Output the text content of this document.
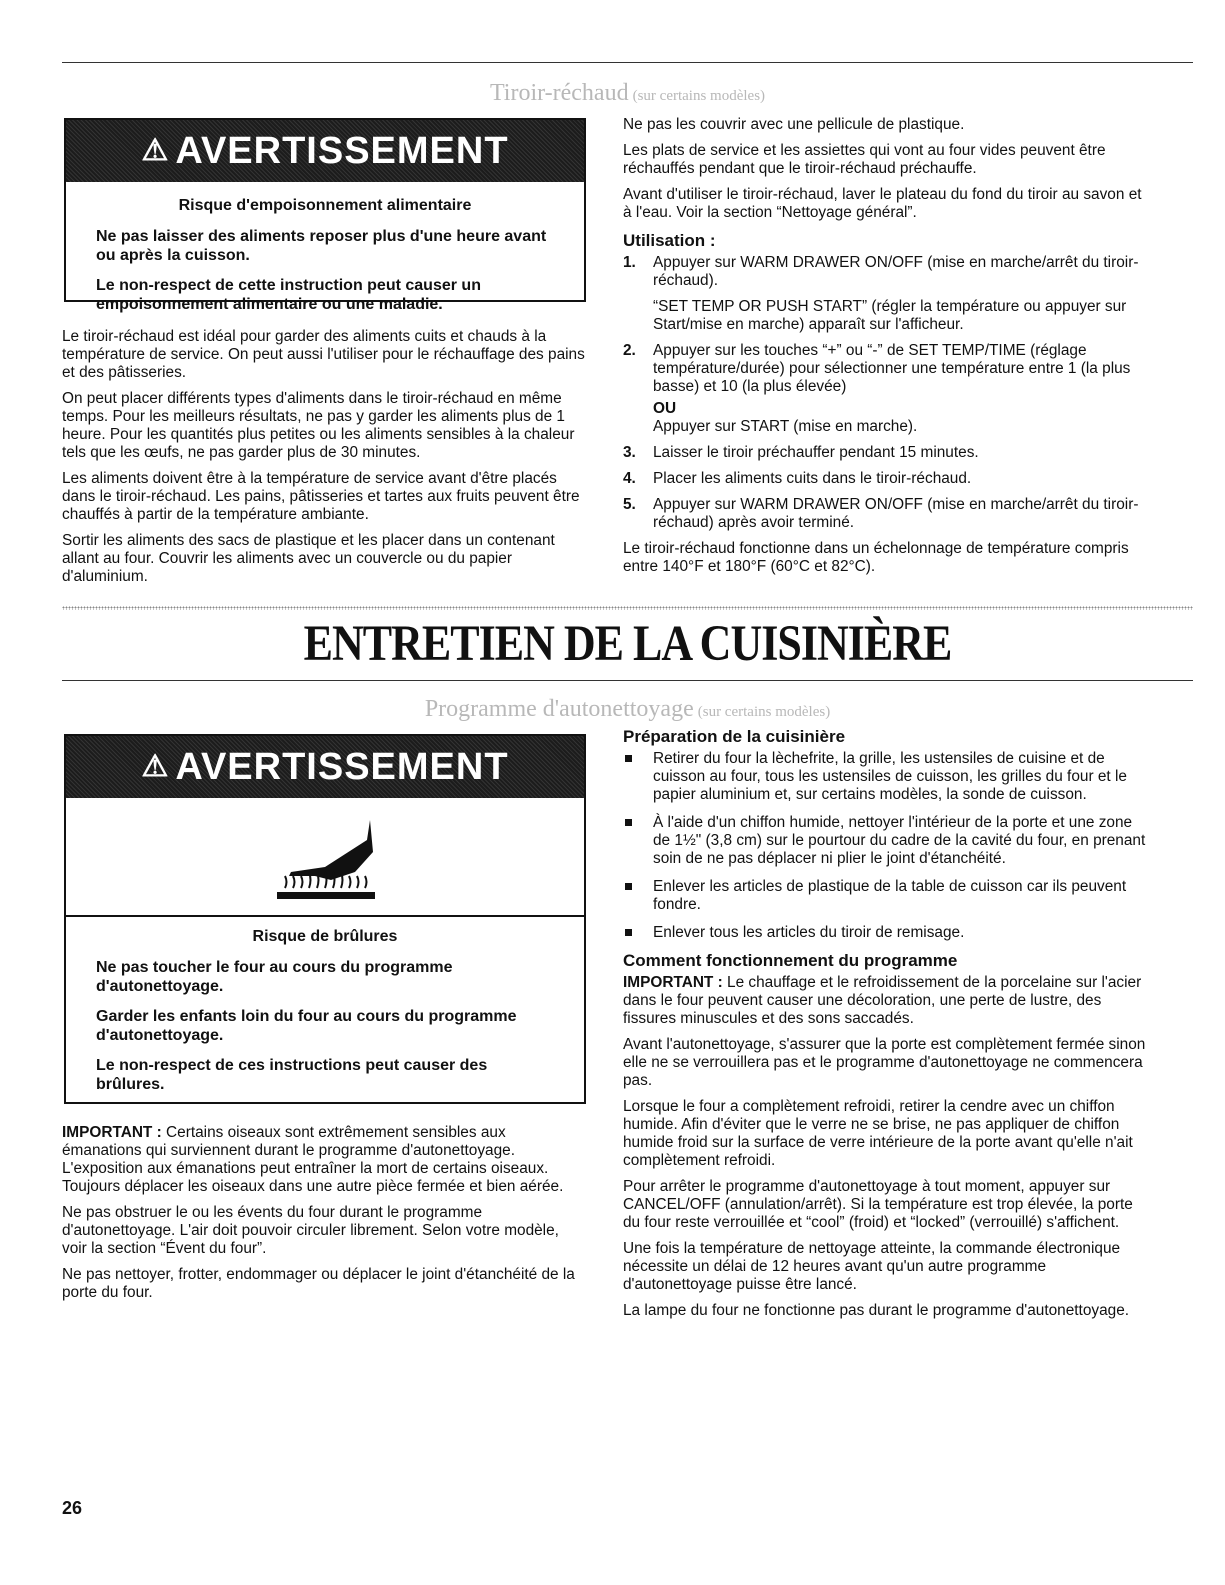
Tiroir-réchaud (sur certains modèles)
⚠ AVERTISSEMENT
Risque d'empoisonnement alimentaire

Ne pas laisser des aliments reposer plus d'une heure avant ou après la cuisson.

Le non-respect de cette instruction peut causer un empoisonnement alimentaire ou une maladie.

Le tiroir-réchaud est idéal pour garder des aliments cuits et chauds à la température de service. On peut aussi l'utiliser pour le réchauffage des pains et des pâtisseries.

On peut placer différents types d'aliments dans le tiroir-réchaud en même temps. Pour les meilleurs résultats, ne pas y garder les aliments plus de 1 heure. Pour les quantités plus petites ou les aliments sensibles à la chaleur tels que les œufs, ne pas garder plus de 30 minutes.

Les aliments doivent être à la température de service avant d'être placés dans le tiroir-réchaud. Les pains, pâtisseries et tartes aux fruits peuvent être chauffés à partir de la température ambiante.

Sortir les aliments des sacs de plastique et les placer dans un contenant allant au four. Couvrir les aliments avec un couvercle ou du papier d'aluminium.

Ne pas les couvrir avec une pellicule de plastique.

Les plats de service et les assiettes qui vont au four vides peuvent être réchauffés pendant que le tiroir-réchaud préchauffe.

Avant d'utiliser le tiroir-réchaud, laver le plateau du fond du tiroir au savon et à l'eau. Voir la section “Nettoyage général”.

Utilisation :
1. Appuyer sur WARM DRAWER ON/OFF (mise en marche/arrêt du tiroir-réchaud).
“SET TEMP OR PUSH START” (régler la température ou appuyer sur Start/mise en marche) apparaît sur l'afficheur.
2. Appuyer sur les touches “+” ou “-” de SET TEMP/TIME (réglage température/durée) pour sélectionner une température entre 1 (la plus basse) et 10 (la plus élevée)
OU
Appuyer sur START (mise en marche).
3. Laisser le tiroir préchauffer pendant 15 minutes.
4. Placer les aliments cuits dans le tiroir-réchaud.
5. Appuyer sur WARM DRAWER ON/OFF (mise en marche/arrêt du tiroir-réchaud) après avoir terminé.

Le tiroir-réchaud fonctionne dans un échelonnage de température compris entre 140°F et 180°F (60°C et 82°C).

ENTRETIEN DE LA CUISINIÈRE
Programme d'autonettoyage (sur certains modèles)
⚠ AVERTISSEMENT
Risque de brûlures

Ne pas toucher le four au cours du programme d'autonettoyage.

Garder les enfants loin du four au cours du programme d'autonettoyage.

Le non-respect de ces instructions peut causer des brûlures.

IMPORTANT : Certains oiseaux sont extrêmement sensibles aux émanations qui surviennent durant le programme d'autonettoyage. L'exposition aux émanations peut entraîner la mort de certains oiseaux. Toujours déplacer les oiseaux dans une autre pièce fermée et bien aérée.

Ne pas obstruer le ou les évents du four durant le programme d'autonettoyage. L'air doit pouvoir circuler librement. Selon votre modèle, voir la section “Évent du four”.

Ne pas nettoyer, frotter, endommager ou déplacer le joint d'étanchéité de la porte du four.

Préparation de la cuisinière
Retirer du four la lèchefrite, la grille, les ustensiles de cuisine et de cuisson au four, tous les ustensiles de cuisson, les grilles du four et le papier aluminium et, sur certains modèles, la sonde de cuisson.
À l'aide d'un chiffon humide, nettoyer l'intérieur de la porte et une zone de 1½" (3,8 cm) sur le pourtour du cadre de la cavité du four, en prenant soin de ne pas déplacer ni plier le joint d'étanchéité.
Enlever les articles de plastique de la table de cuisson car ils peuvent fondre.
Enlever tous les articles du tiroir de remisage.
Comment fonctionnement du programme

IMPORTANT : Le chauffage et le refroidissement de la porcelaine sur l'acier dans le four peuvent causer une décoloration, une perte de lustre, des fissures minuscules et des sons saccadés.

Avant l'autonettoyage, s'assurer que la porte est complètement fermée sinon elle ne se verrouillera pas et le programme d'autonettoyage ne commencera pas.

Lorsque le four a complètement refroidi, retirer la cendre avec un chiffon humide. Afin d'éviter que le verre ne se brise, ne pas appliquer de chiffon humide froid sur la surface de verre intérieure de la porte avant qu'elle n'ait complètement refroidi.

Pour arrêter le programme d'autonettoyage à tout moment, appuyer sur CANCEL/OFF (annulation/arrêt). Si la température est trop élevée, la porte du four reste verrouillée et “cool” (froid) et “locked” (verrouillé) s'affichent.

Une fois la température de nettoyage atteinte, la commande électronique nécessite un délai de 12 heures avant qu'un autre programme d'autonettoyage puisse être lancé.

La lampe du four ne fonctionne pas durant le programme d'autonettoyage.

26
